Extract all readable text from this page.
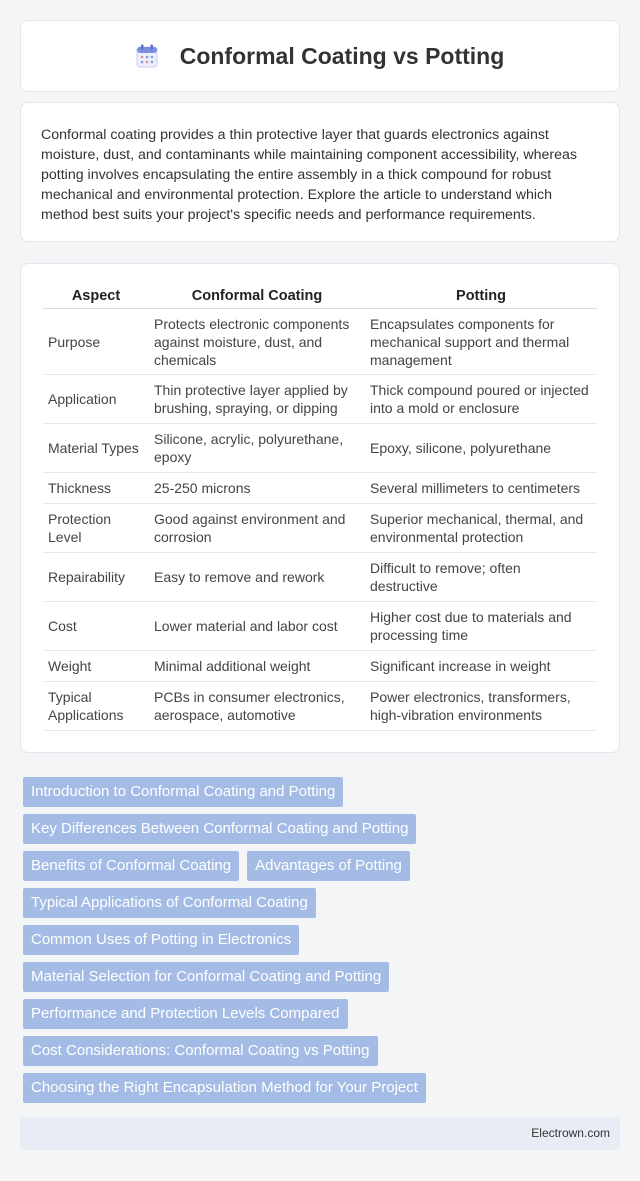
Conformal Coating vs Potting

Conformal coating provides a thin protective layer that guards electronics against moisture, dust, and contaminants while maintaining component accessibility, whereas potting involves encapsulating the entire assembly in a thick compound for robust mechanical and environmental protection. Explore the article to understand which method best suits your project's specific needs and performance requirements.

Aspect	Conformal Coating	Potting
Purpose	Protects electronic components against moisture, dust, and chemicals	Encapsulates components for mechanical support and thermal management
Application	Thin protective layer applied by brushing, spraying, or dipping	Thick compound poured or injected into a mold or enclosure
Material Types	Silicone, acrylic, polyurethane, epoxy	Epoxy, silicone, polyurethane
Thickness	25-250 microns	Several millimeters to centimeters
Protection Level	Good against environment and corrosion	Superior mechanical, thermal, and environmental protection
Repairability	Easy to remove and rework	Difficult to remove; often destructive
Cost	Lower material and labor cost	Higher cost due to materials and processing time
Weight	Minimal additional weight	Significant increase in weight
Typical Applications	PCBs in consumer electronics, aerospace, automotive	Power electronics, transformers, high-vibration environments
Introduction to Conformal Coating and Potting
Key Differences Between Conformal Coating and Potting
Benefits of Conformal Coating	Advantages of Potting
Typical Applications of Conformal Coating
Common Uses of Potting in Electronics
Material Selection for Conformal Coating and Potting
Performance and Protection Levels Compared
Cost Considerations: Conformal Coating vs Potting
Choosing the Right Encapsulation Method for Your Project
Electrown.com
